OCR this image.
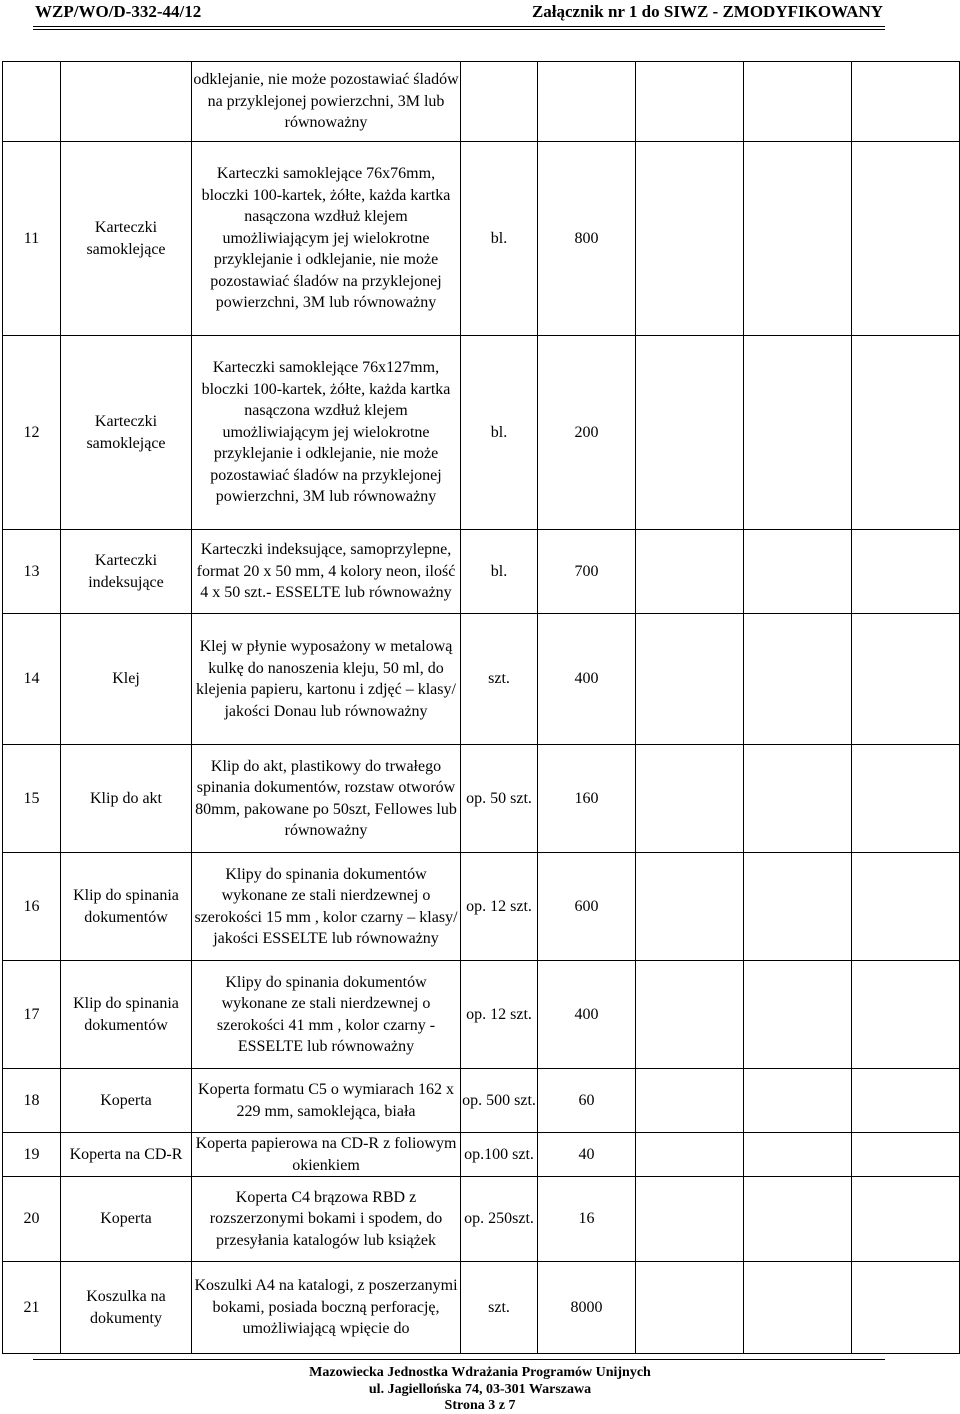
WZP/WO/D-332-44/12	Załącznik nr 1 do SIWZ - ZMODYFIKOWANY
		odklejanie, nie może pozostawiać śladów na przyklejonej powierzchni, 3M lub równoważny					
11	Karteczki samoklejące	Karteczki samoklejące 76x76mm, bloczki 100-kartek, żółte, każda kartka nasączona wzdłuż klejem umożliwiającym jej wielokrotne przyklejanie i odklejanie, nie może pozostawiać śladów na przyklejonej powierzchni, 3M lub równoważny	bl.	800			
12	Karteczki samoklejące	Karteczki samoklejące 76x127mm, bloczki 100-kartek, żółte, każda kartka nasączona wzdłuż klejem umożliwiającym jej wielokrotne przyklejanie i odklejanie, nie może pozostawiać śladów na przyklejonej powierzchni, 3M lub równoważny	bl.	200			
13	Karteczki indeksujące	Karteczki indeksujące, samoprzylepne, format 20 x 50 mm, 4 kolory neon, ilość 4 x 50 szt.- ESSELTE lub równoważny	bl.	700			
14	Klej	Klej w płynie wyposażony w metalową kulkę do nanoszenia kleju, 50 ml, do klejenia papieru, kartonu i zdjęć – klasy/ jakości Donau lub równoważny	szt.	400			
15	Klip do akt	Klip do akt, plastikowy do trwałego spinania dokumentów, rozstaw otworów 80mm, pakowane po 50szt, Fellowes lub równoważny	op. 50 szt.	160			
16	Klip do spinania dokumentów	Klipy do spinania dokumentów wykonane ze stali nierdzewnej o szerokości 15 mm , kolor czarny – klasy/ jakości ESSELTE lub równoważny	op. 12 szt.	600			
17	Klip do spinania dokumentów	Klipy do spinania dokumentów wykonane ze stali nierdzewnej o szerokości 41 mm , kolor czarny - ESSELTE lub równoważny	op. 12 szt.	400			
18	Koperta	Koperta formatu C5 o wymiarach 162 x 229 mm, samoklejąca, biała	op. 500 szt.	60			
19	Koperta na CD-R	Koperta papierowa na CD-R z foliowym okienkiem	op.100 szt.	40			
20	Koperta	Koperta C4 brązowa RBD z rozszerzonymi bokami i spodem, do przesyłania katalogów lub książek	op. 250szt.	16			
21	Koszulka na dokumenty	Koszulki A4 na katalogi, z poszerzanymi bokami, posiada boczną perforację, umożliwiającą wpięcie do	szt.	8000			
Mazowiecka Jednostka Wdrażania Programów Unijnych
ul. Jagiellońska 74, 03-301 Warszawa
Strona 3 z 7
